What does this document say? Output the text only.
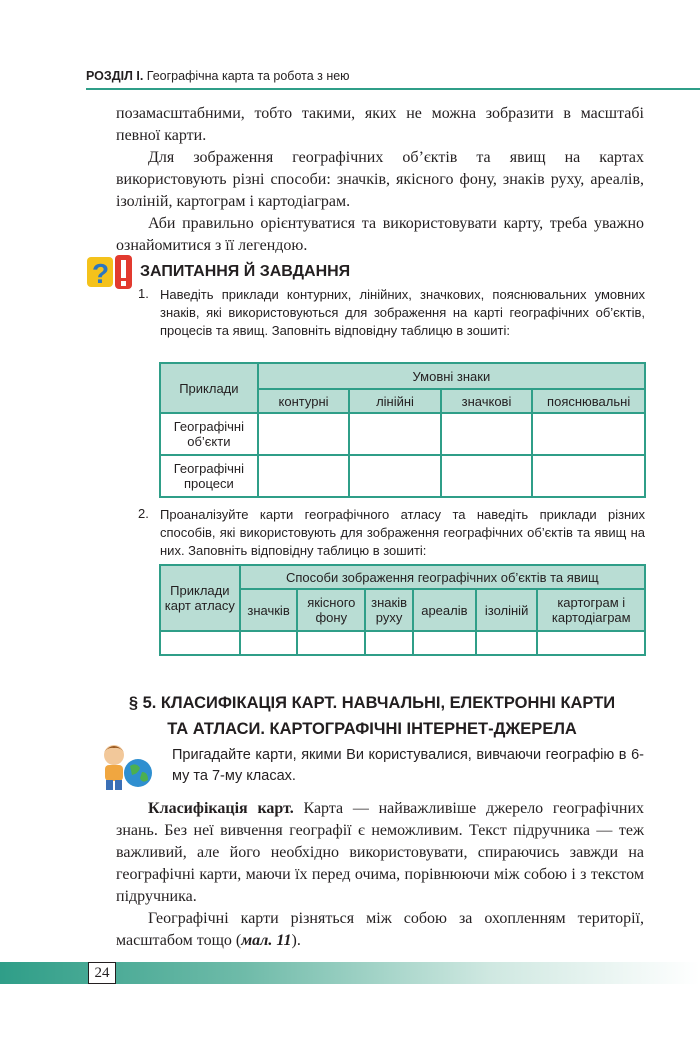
РОЗДІЛ I. Географічна карта та робота з нею

позамасштабними, тобто такими, яких не можна зобразити в масштабі певної карти.

Для зображення географічних об’єктів та явищ на картах використовують різні способи: значків, якісного фону, знаків руху, ареалів, ізоліній, картограм і картодіаграм.

Аби правильно орієнтуватися та використовувати карту, треба уважно ознайомитися з її легендою.

? ЗАПИТАННЯ Й ЗАВДАННЯ
1. Наведіть приклади контурних, лінійних, значкових, пояснювальних умовних знаків, які використовуються для зображення на карті географічних об’єктів, процесів та явищ. Заповніть відповідну таблицю в зошиті:

Приклади	Умовні знаки			
	контурні	лінійні	значкові	пояснювальні
Географічні об’єкти				
Географічні процеси				
2. Проаналізуйте карти географічного атласу та наведіть приклади різних способів, які використовують для зображення географічних об’єктів та явищ на них. Заповніть відповідну таблицю в зошиті:

Приклади карт атласу	Способи зображення географічних об’єктів та явищ					
	значків	якісного фону	знаків руху	ареалів	ізоліній	картограм і картодіаграм

§ 5. КЛАСИФІКАЦІЯ КАРТ. НАВЧАЛЬНІ, ЕЛЕКТРОННІ КАРТИ
ТА АТЛАСИ. КАРТОГРАФІЧНІ ІНТЕРНЕТ-ДЖЕРЕЛА

Пригадайте карти, якими Ви користувалися, вивчаючи географію в 6-му та 7-му класах.

Класифікація карт. Карта — найважливіше джерело географічних знань. Без неї вивчення географії є неможливим. Текст підручника — теж важливий, але його необхідно використовувати, спираючись завжди на географічні карти, маючи їх перед очима, порівнюючи між собою і з текстом підручника.

Географічні карти різняться між собою за охопленням території, масштабом тощо (мал. 11).

24
